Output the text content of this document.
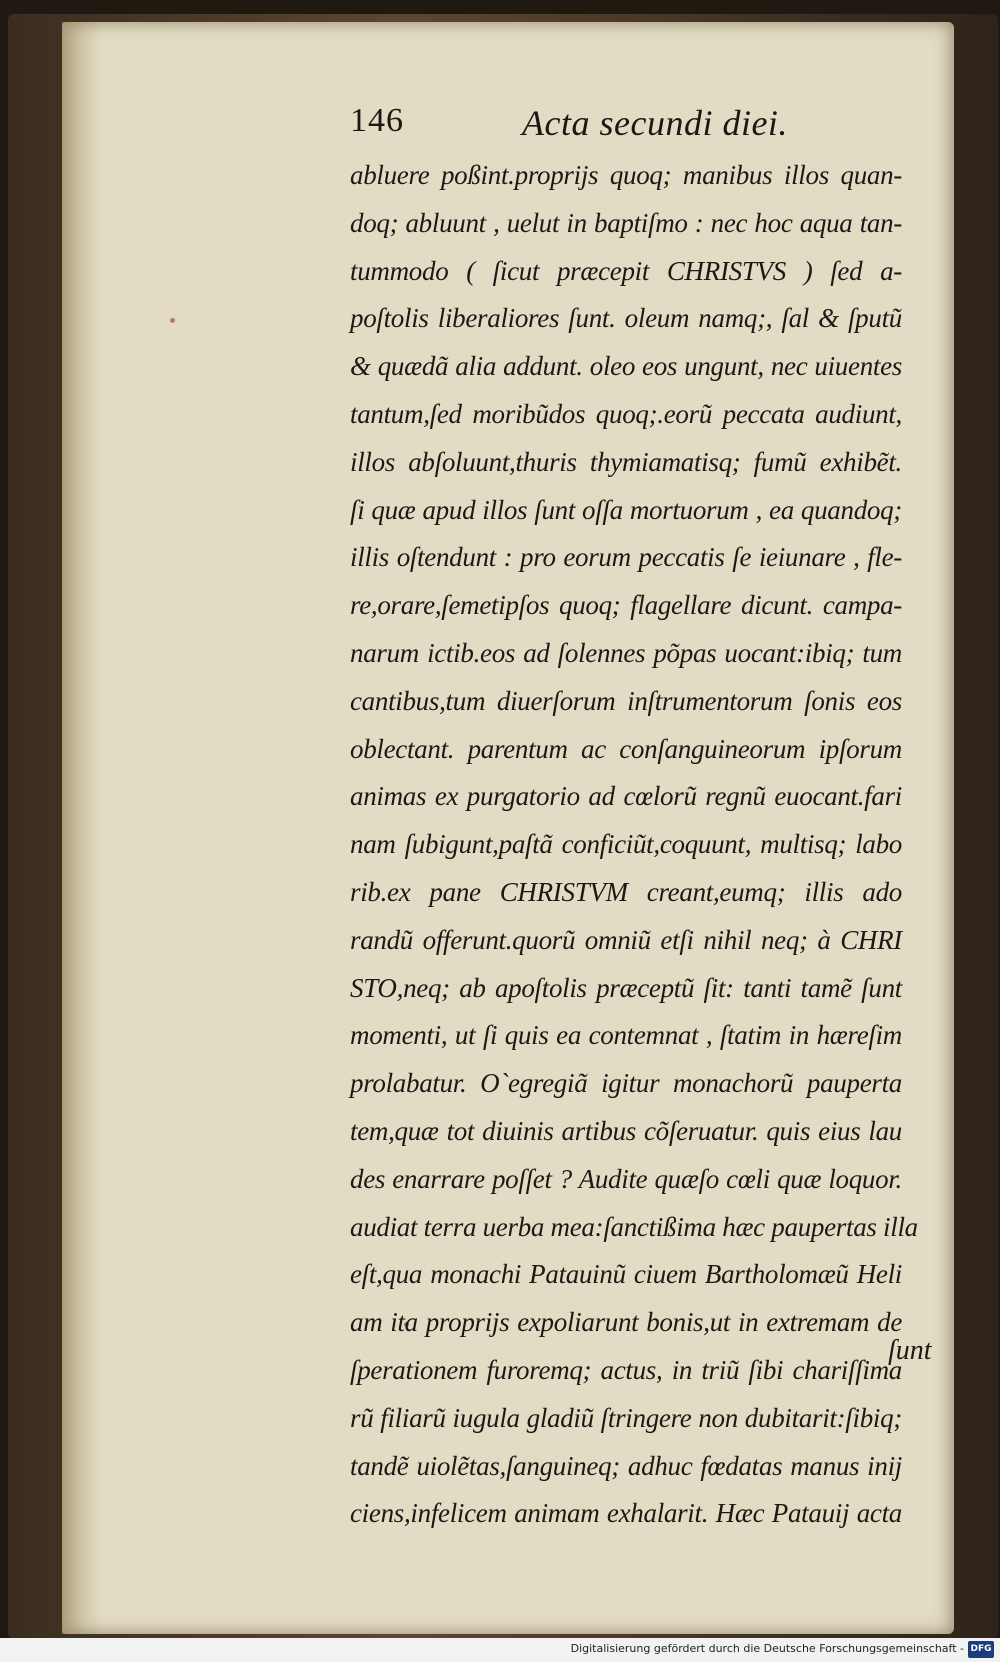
146	Acta secundi diei.
abluere poßint.proprijs quoq; manibus illos quan-
doq; abluunt , uelut in baptiſmo : nec hoc aqua tan-
tummodo ( ſicut præcepit CHRISTVS ) ſed a-
poſtolis liberaliores ſunt. oleum namq;, ſal & ſputũ
& quædã alia addunt. oleo eos ungunt, nec uiuentes
tantum,ſed moribũdos quoq;.eorũ peccata audiunt,
illos abſoluunt,thuris thymiamatisq; fumũ exhibẽt.
ſi quæ apud illos ſunt oſſa mortuorum , ea quandoq;
illis oſtendunt : pro eorum peccatis ſe ieiunare , fle-
re,orare,ſemetipſos quoq; flagellare dicunt. campa-
narum ictib.eos ad ſolennes põpas uocant:ibiq; tum
cantibus,tum diuerſorum inſtrumentorum ſonis eos
oblectant. parentum ac conſanguineorum ipſorum
animas ex purgatorio ad cœlorũ regnũ euocant.fari
nam ſubigunt,paſtã conficiũt,coquunt, multisq; labo
rib.ex pane CHRISTVM creant,eumq; illis ado
randũ offerunt.quorũ omniũ etſi nihil neq; à CHRI
STO,neq; ab apoſtolis præceptũ ſit: tanti tamẽ ſunt
momenti, ut ſi quis ea contemnat , ſtatim in hæreſim
prolabatur. O`egregiã igitur monachorũ pauperta
tem,quæ tot diuinis artibus cõſeruatur. quis eius lau
des enarrare poſſet ? Audite quæſo cœli quæ loquor.
audiat terra uerba mea:ſanctißima hæc paupertas illa
eſt,qua monachi Patauinũ ciuem Bartholomæũ Heli
am ita proprijs expoliarunt bonis,ut in extremam de
ſperationem furoremq; actus, in triũ ſibi chariſſima
rũ filiarũ iugula gladiũ ſtringere non dubitarit:ſibiq;
tandẽ uiolẽtas,ſanguineq; adhuc fœdatas manus inij
ciens,infelicem animam exhalarit. Hæc Patauij acta
ſunt
Digitalisierung gefördert durch die Deutsche Forschungsgemeinschaft - DFG
